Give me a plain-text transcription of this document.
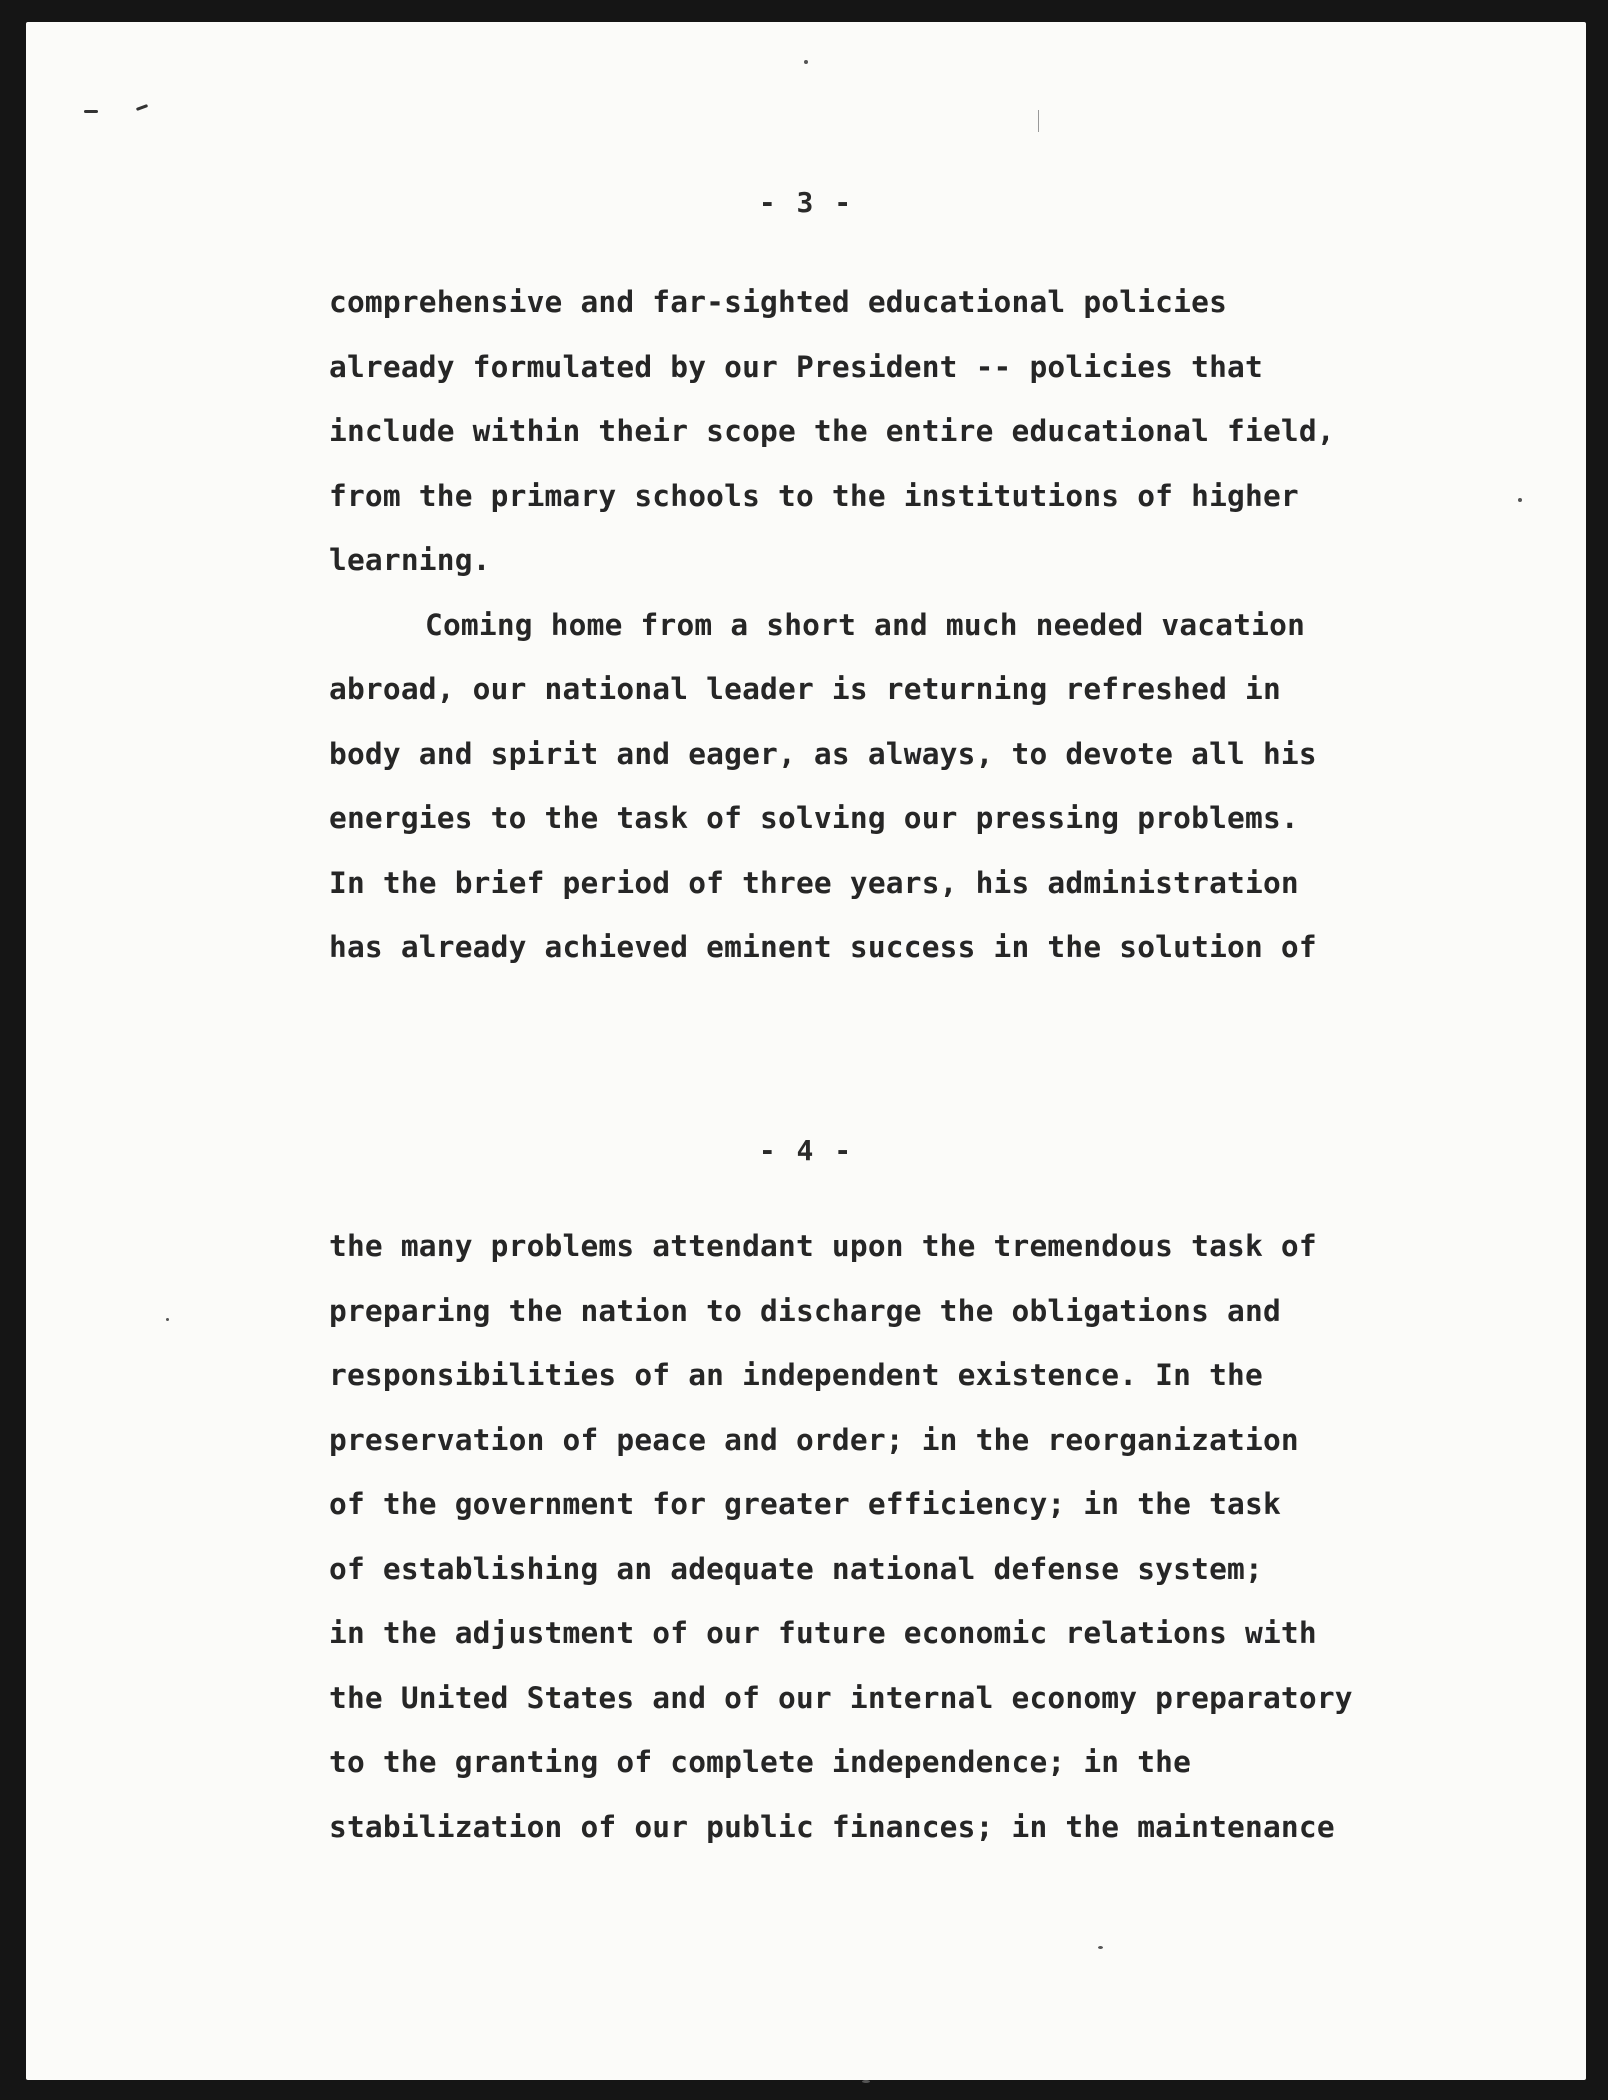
- 3 -
comprehensive and far-sighted educational policies
already formulated by our President -- policies that
include within their scope the entire educational field,
from the primary schools to the institutions of higher
learning.
Coming home from a short and much needed vacation
abroad, our national leader is returning refreshed in
body and spirit and eager, as always, to devote all his
energies to the task of solving our pressing problems.
In the brief period of three years, his administration
has already achieved eminent success in the solution of
- 4 -
the many problems attendant upon the tremendous task of
preparing the nation to discharge the obligations and
responsibilities of an independent existence. In the
preservation of peace and order; in the reorganization
of the government for greater efficiency; in the task
of establishing an adequate national defense system;
in the adjustment of our future economic relations with
the United States and of our internal economy preparatory
to the granting of complete independence; in the
stabilization of our public finances; in the maintenance
